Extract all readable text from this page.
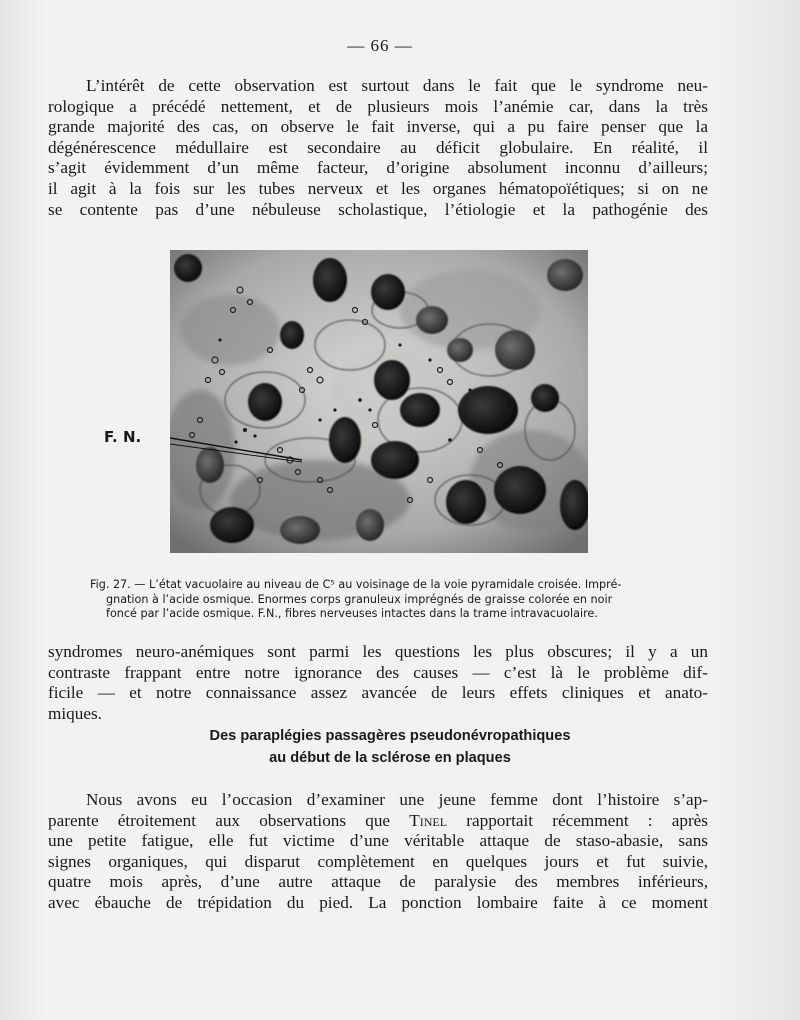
— 66 —
L’intérêt de cette observation est surtout dans le fait que le syndrome neu-
rologique a précédé nettement, et de plusieurs mois l’anémie car, dans la très
grande majorité des cas, on observe le fait inverse, qui a pu faire penser que la
dégénérescence médullaire est secondaire au déficit globulaire. En réalité, il
s’agit évidemment d’un même facteur, d’origine absolument inconnu d’ailleurs;
il agit à la fois sur les tubes nerveux et les organes hématopoïétiques; si on ne
se contente pas d’une nébuleuse scholastique, l’étiologie et la pathogénie des
F. N.
Fig. 27. — L’état vacuolaire au niveau de C⁵ au voisinage de la voie pyramidale croisée. Impré-
gnation à l’acide osmique. Enormes corps granuleux imprégnés de graisse colorée en noir
foncé par l’acide osmique. F.N., fibres nerveuses intactes dans la trame intravacuolaire.
syndromes neuro-anémiques sont parmi les questions les plus obscures; il y a un
contraste frappant entre notre ignorance des causes — c’est là le problème dif-
ficile — et notre connaissance assez avancée de leurs effets cliniques et anato-
miques.
Des paraplégies passagères pseudonévropathiques
au début de la sclérose en plaques
Nous avons eu l’occasion d’examiner une jeune femme dont l’histoire s’ap-
parente étroitement aux observations que Tinel rapportait récemment : après
une petite fatigue, elle fut victime d’une véritable attaque de staso-abasie, sans
signes organiques, qui disparut complètement en quelques jours et fut suivie,
quatre mois après, d’une autre attaque de paralysie des membres inférieurs,
avec ébauche de trépidation du pied. La ponction lombaire faite à ce moment
